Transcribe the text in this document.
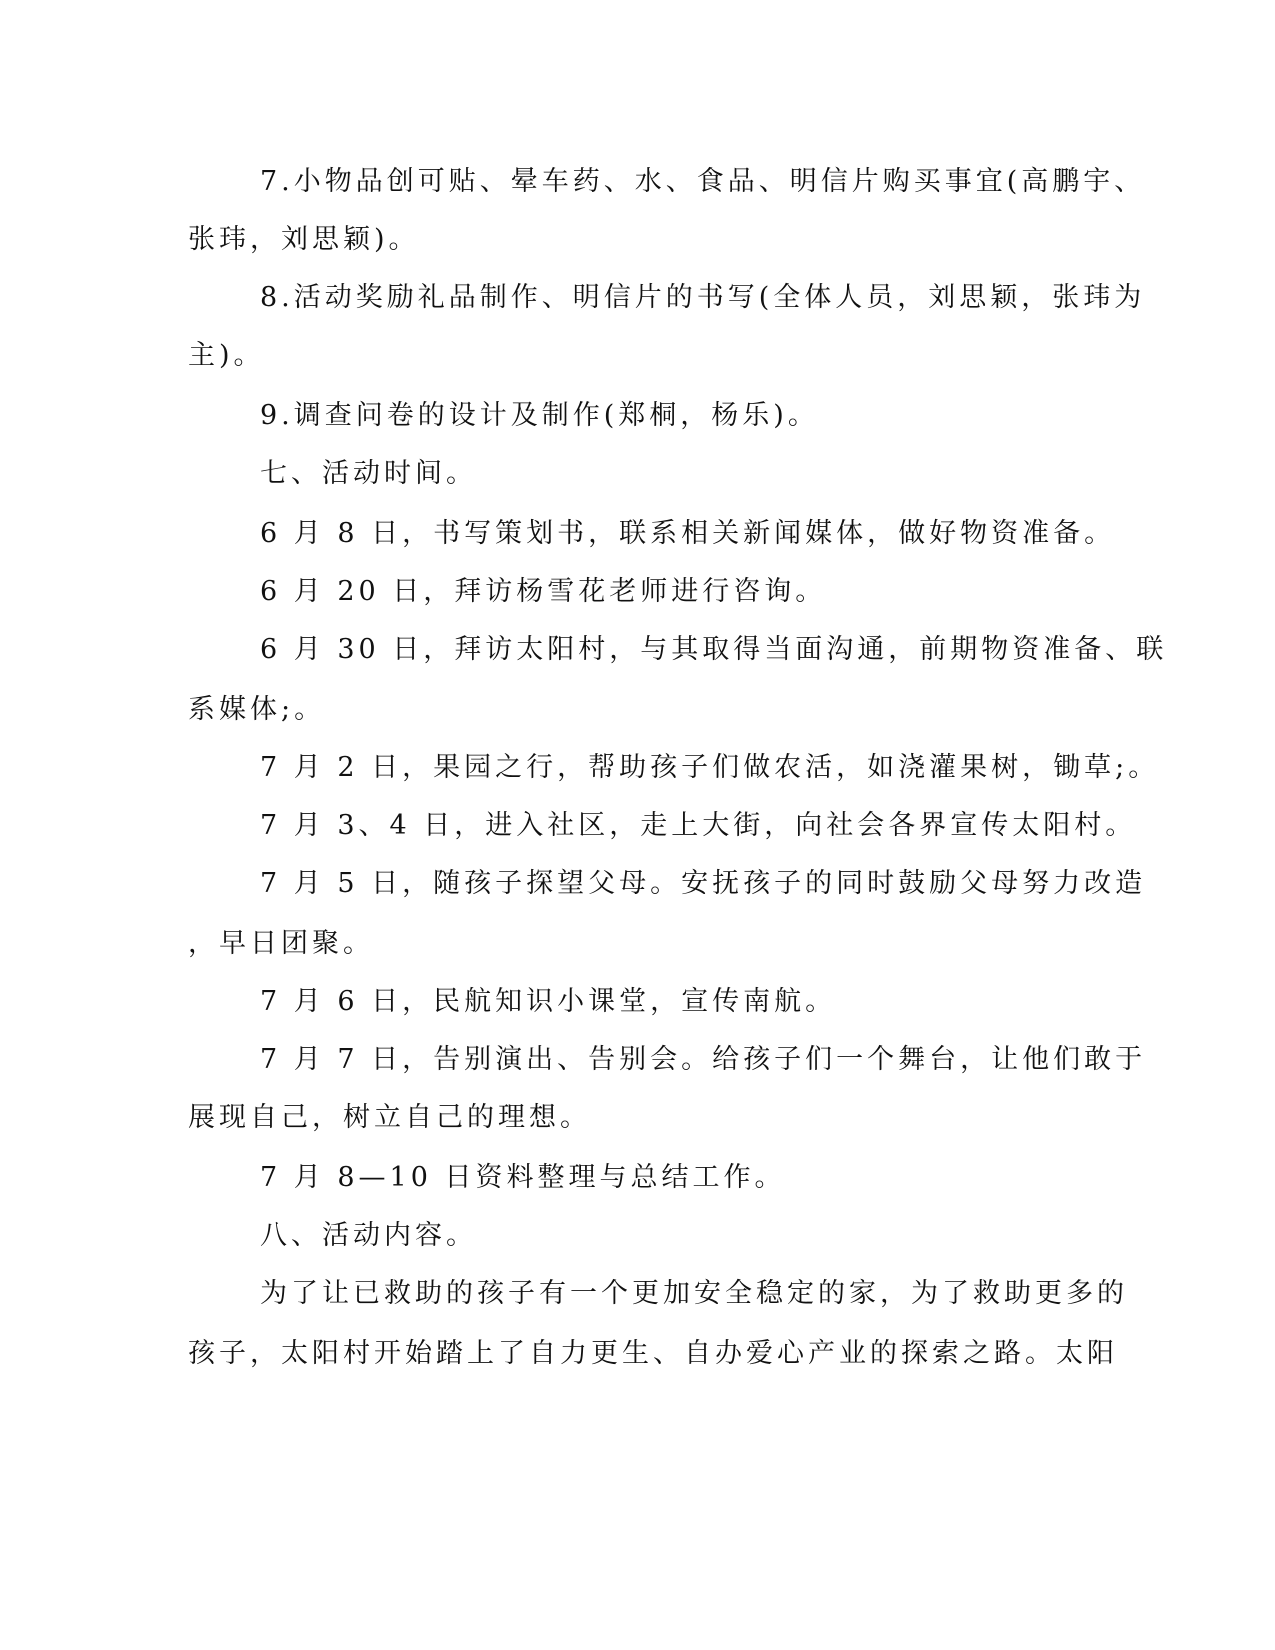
7.小物品创可贴、晕车药、水、食品、明信片购买事宜(高鹏宇、

张玮，刘思颖)。

8.活动奖励礼品制作、明信片的书写(全体人员，刘思颖，张玮为

主)。

9.调查问卷的设计及制作(郑桐，杨乐)。

七、活动时间。

6 月 8 日，书写策划书，联系相关新闻媒体，做好物资准备。

6 月 20 日，拜访杨雪花老师进行咨询。

6 月 30 日，拜访太阳村，与其取得当面沟通，前期物资准备、联

系媒体;。

7 月 2 日，果园之行，帮助孩子们做农活，如浇灌果树，锄草;。

7 月 3、4 日，进入社区，走上大街，向社会各界宣传太阳村。

7 月 5 日，随孩子探望父母。安抚孩子的同时鼓励父母努力改造

，早日团聚。

7 月 6 日，民航知识小课堂，宣传南航。

7 月 7 日，告别演出、告别会。给孩子们一个舞台，让他们敢于

展现自己，树立自己的理想。

7 月 8—10 日资料整理与总结工作。

八、活动内容。

为了让已救助的孩子有一个更加安全稳定的家，为了救助更多的

孩子，太阳村开始踏上了自力更生、自办爱心产业的探索之路。太阳
